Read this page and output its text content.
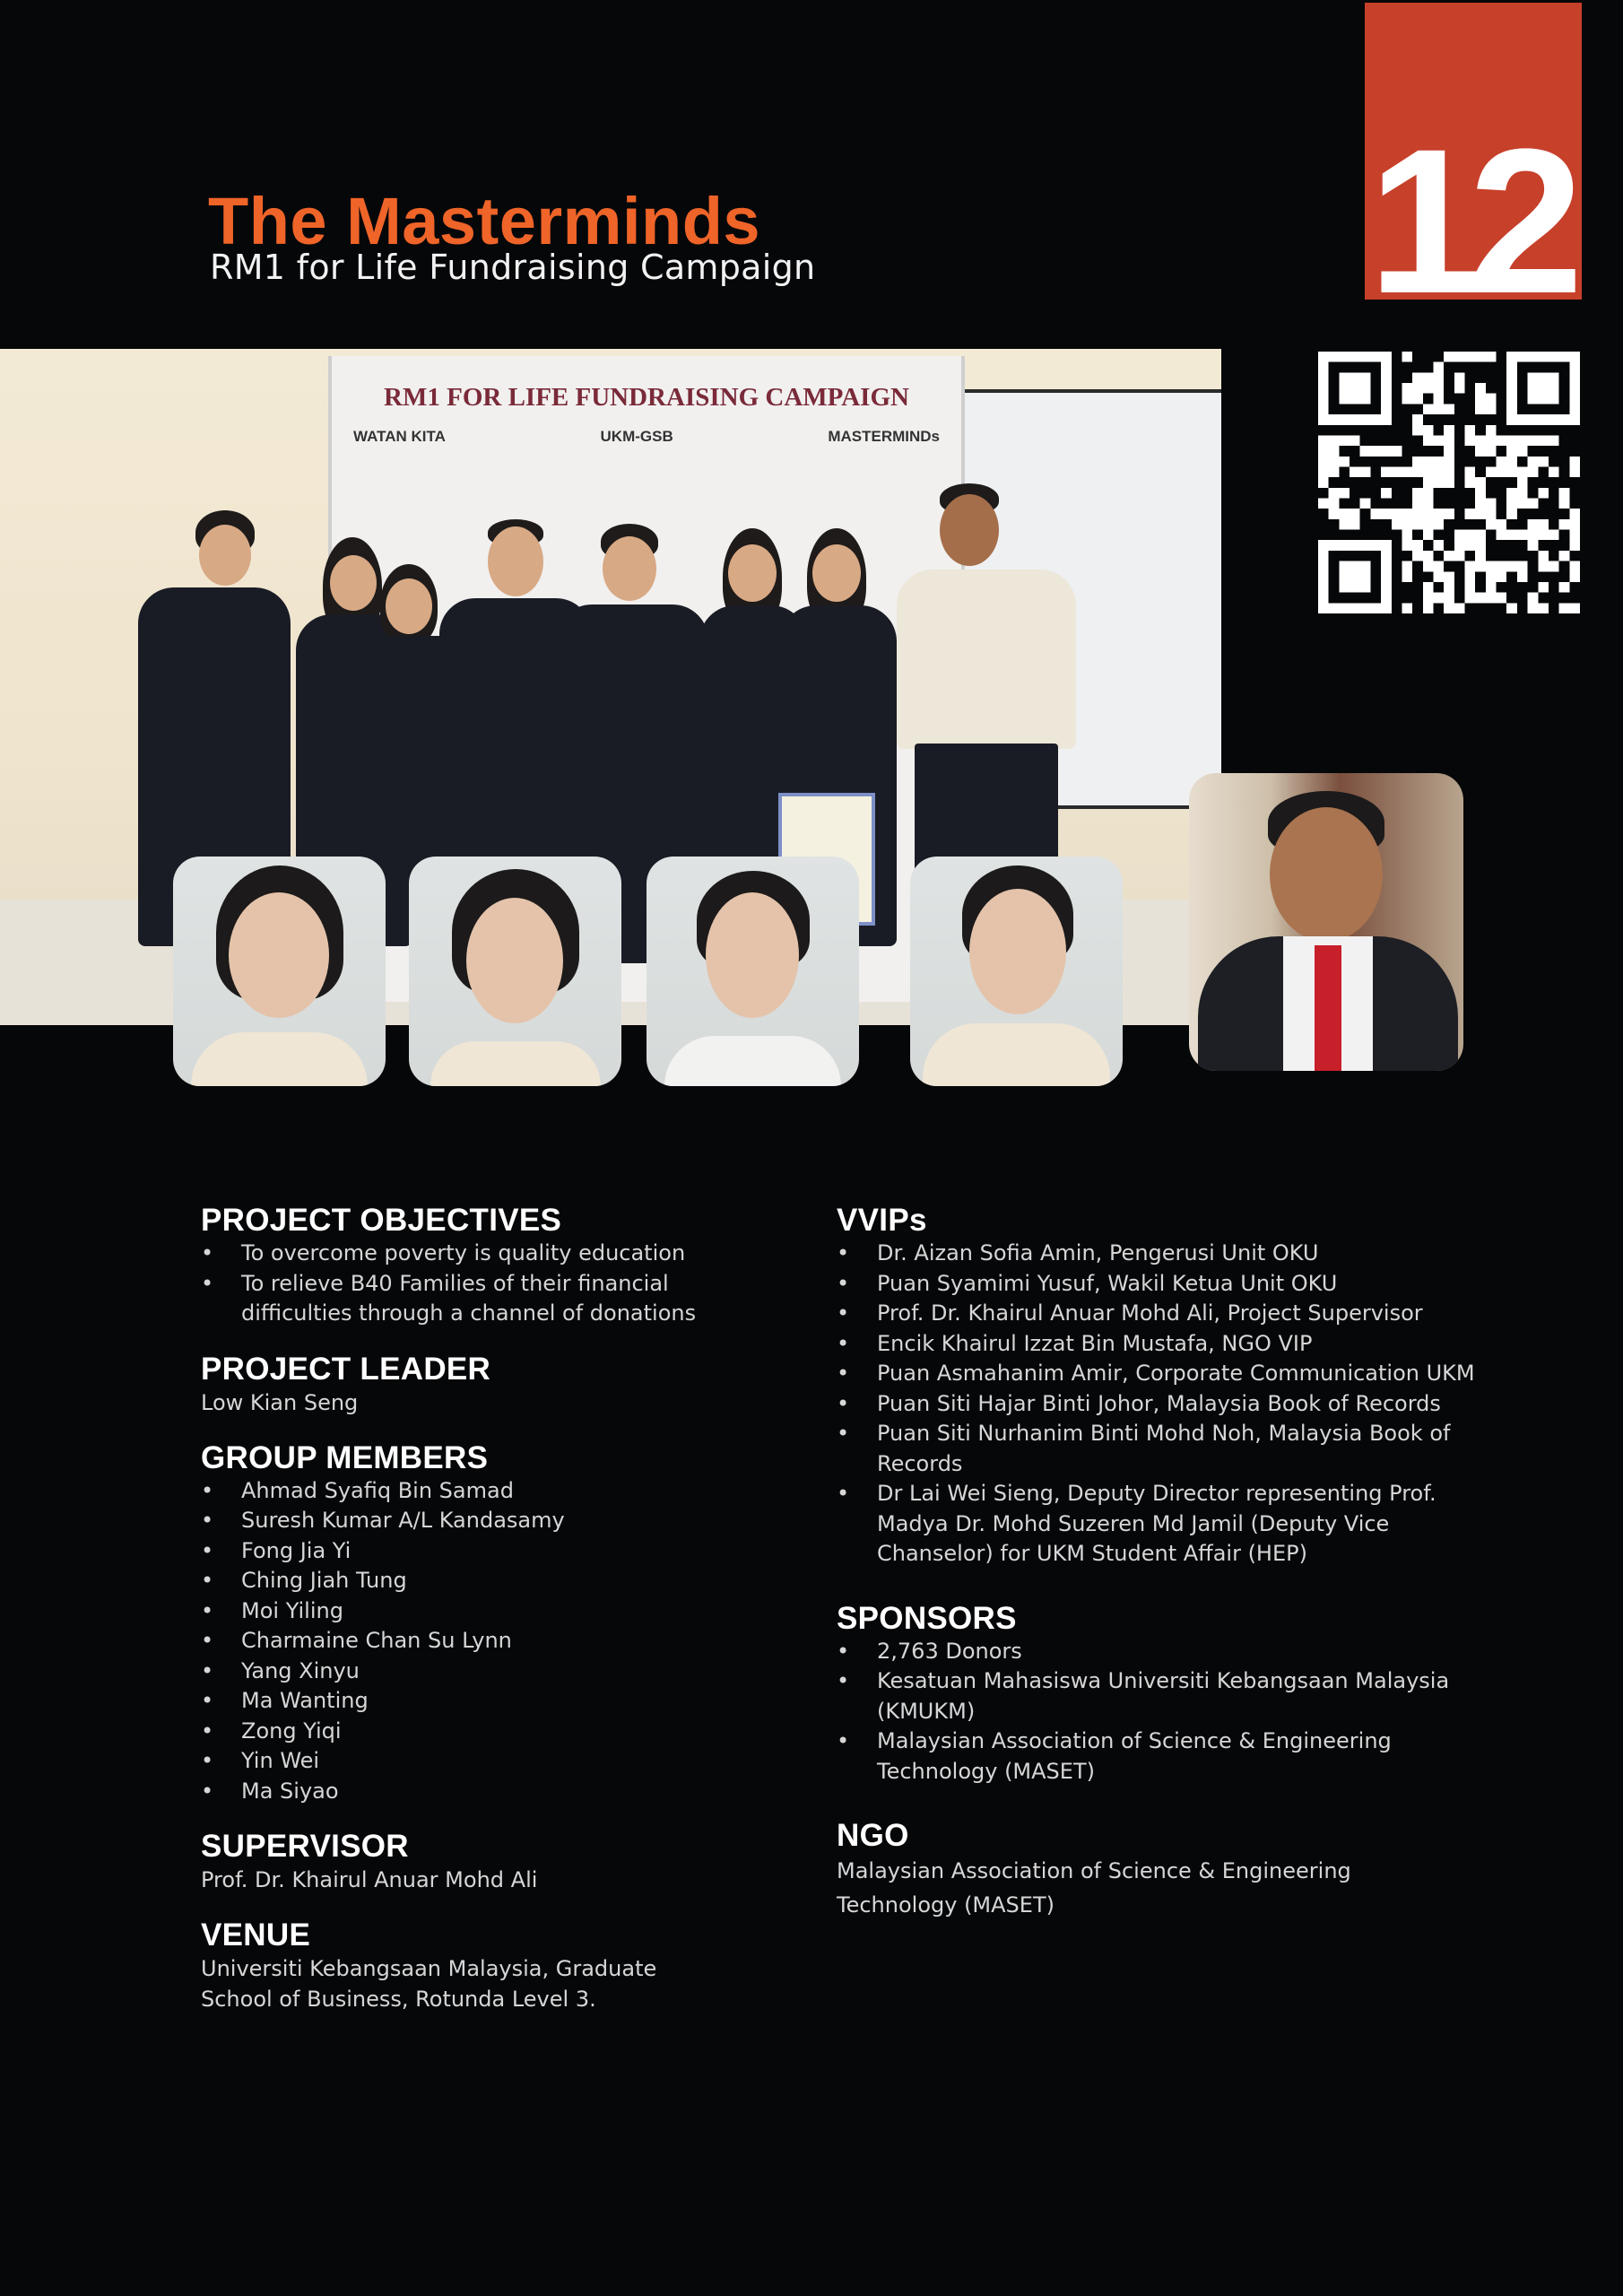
The Masterminds

RM1 for Life Fundraising Campaign	12
RM1 FOR LIFE FUNDRAISING CAMPAIGN
WATAN KITA	UKM-GSB	MASTERMINDs
PROJECT OBJECTIVES
• To overcome poverty is quality education
• To relieve B40 Families of their financial difficulties through a channel of donations
PROJECT LEADER

Low Kian Seng

GROUP MEMBERS
• Ahmad Syafiq Bin Samad
• Suresh Kumar A/L Kandasamy
• Fong Jia Yi
• Ching Jiah Tung
• Moi Yiling
• Charmaine Chan Su Lynn
• Yang Xinyu
• Ma Wanting
• Zong Yiqi
• Yin Wei
• Ma Siyao
SUPERVISOR

Prof. Dr. Khairul Anuar Mohd Ali

VENUE

Universiti Kebangsaan Malaysia, Graduate School of Business, Rotunda Level 3.

VVIPs
• Dr. Aizan Sofia Amin, Pengerusi Unit OKU
• Puan Syamimi Yusuf, Wakil Ketua Unit OKU
• Prof. Dr. Khairul Anuar Mohd Ali, Project Supervisor
• Encik Khairul Izzat Bin Mustafa, NGO VIP
• Puan Asmahanim Amir, Corporate Communication UKM
• Puan Siti Hajar Binti Johor, Malaysia Book of Records
• Puan Siti Nurhanim Binti Mohd Noh, Malaysia Book of Records
• Dr Lai Wei Sieng, Deputy Director representing Prof. Madya Dr. Mohd Suzeren Md Jamil (Deputy Vice Chanselor) for UKM Student Affair (HEP)
SPONSORS
• 2,763 Donors
• Kesatuan Mahasiswa Universiti Kebangsaan Malaysia (KMUKM)
• Malaysian Association of Science & Engineering Technology (MASET)
NGO

Malaysian Association of Science & Engineering Technology (MASET)
